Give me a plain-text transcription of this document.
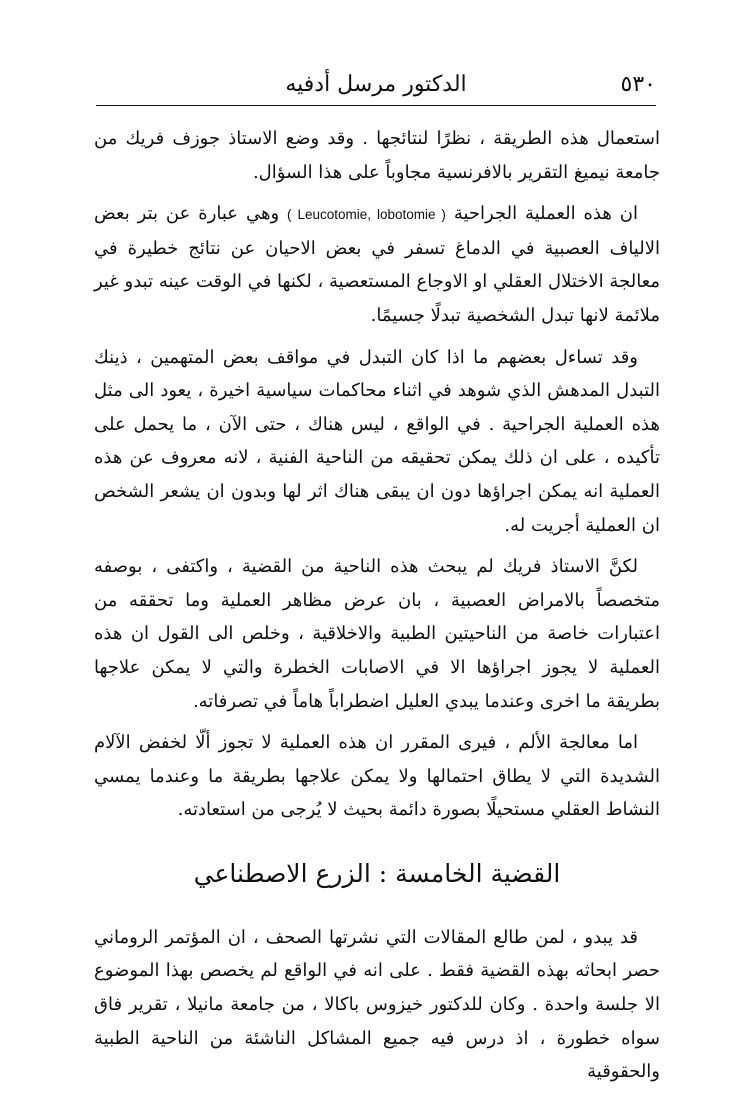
٥٣٠
الدكتور مرسل أدفيه

استعمال هذه الطريقة ، نظرًا لنتائجها . وقد وضع الاستاذ جوزف فريك من جامعة نيميغ التقرير بالافرنسية مجاوباً على هذا السؤال.

ان هذه العملية الجراحية ( Leucotomie, lobotomie ) وهي عبارة عن بتر بعض الالياف العصبية في الدماغ تسفر في بعض الاحيان عن نتائج خطيرة في معالجة الاختلال العقلي او الاوجاع المستعصية ، لكنها في الوقت عينه تبدو غير ملائمة لانها تبدل الشخصية تبدلًا جسيمًا.

وقد تساءل بعضهم ما اذا كان التبدل في مواقف بعض المتهمين ، ذينك التبدل المدهش الذي شوهد في اثناء محاكمات سياسية اخيرة ، يعود الى مثل هذه العملية الجراحية . في الواقع ، ليس هناك ، حتى الآن ، ما يحمل على تأكيده ، على ان ذلك يمكن تحقيقه من الناحية الفنية ، لانه معروف عن هذه العملية انه يمكن اجراؤها دون ان يبقى هناك اثر لها وبدون ان يشعر الشخص ان العملية أجريت له.

لكنَّ الاستاذ فريك لم يبحث هذه الناحية من القضية ، واكتفى ، بوصفه متخصصاً بالامراض العصبية ، بان عرض مظاهر العملية وما تحققه من اعتبارات خاصة من الناحيتين الطبية والاخلاقية ، وخلص الى القول ان هذه العملية لا يجوز اجراؤها الا في الاصابات الخطرة والتي لا يمكن علاجها بطريقة ما اخرى وعندما يبدي العليل اضطراباً هاماً في تصرفاته.

اما معالجة الألم ، فيرى المقرر ان هذه العملية لا تجوز ألّا لخفض الآلام الشديدة التي لا يطاق احتمالها ولا يمكن علاجها بطريقة ما وعندما يمسي النشاط العقلي مستحيلًا بصورة دائمة بحيث لا يُرجى من استعادته.

القضية الخامسة : الزرع الاصطناعي

قد يبدو ، لمن طالع المقالات التي نشرتها الصحف ، ان المؤتمر الروماني حصر ابحاثه بهذه القضية فقط . على انه في الواقع لم يخصص بهذا الموضوع الا جلسة واحدة . وكان للدكتور خيزوس باكالا ، من جامعة مانيلا ، تقرير فاق سواه خطورة ، اذ درس فيه جميع المشاكل الناشئة من الناحية الطبية والحقوقية
